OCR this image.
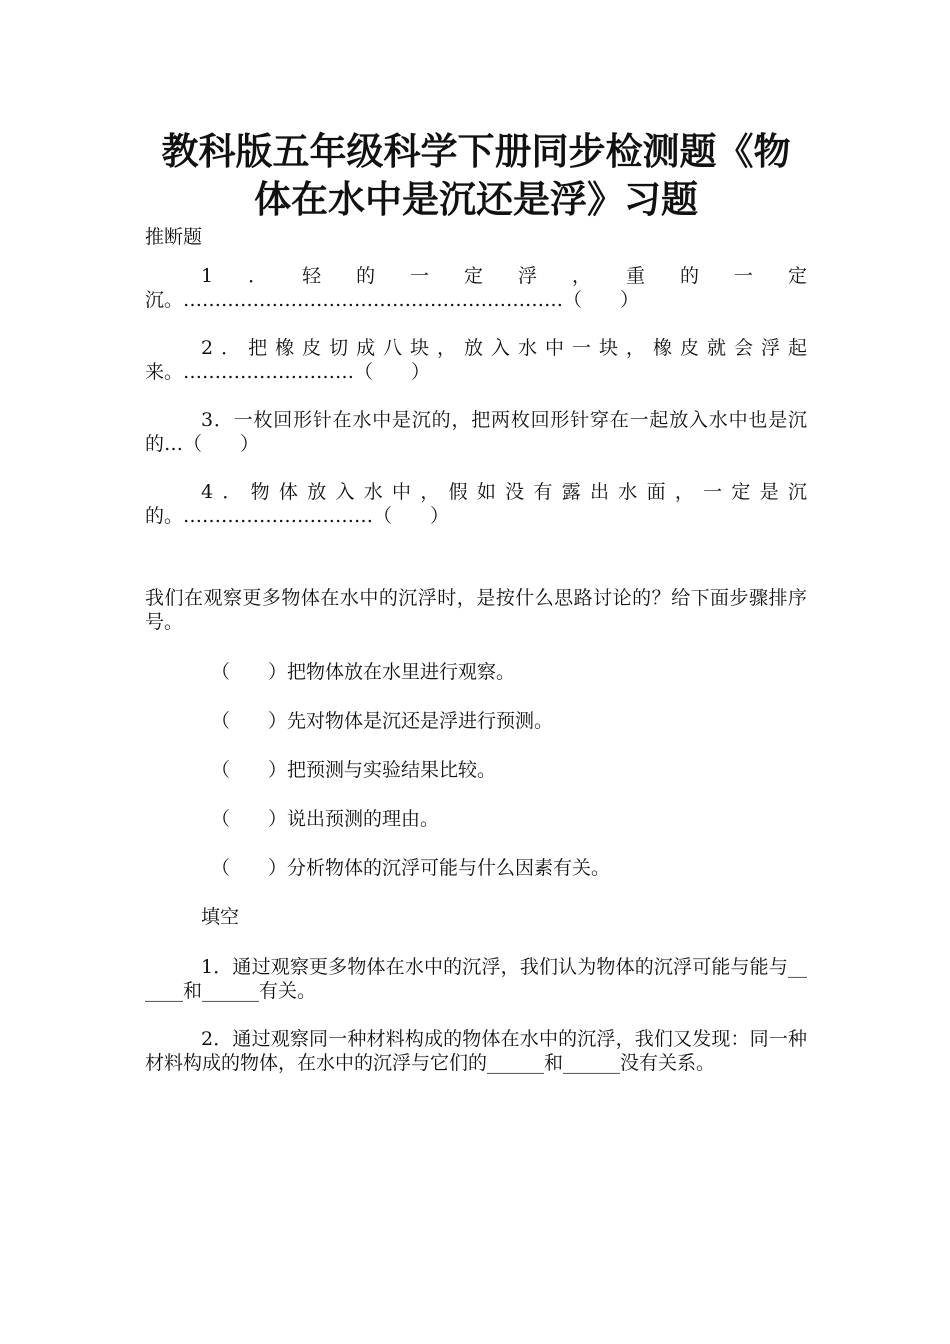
教科版五年级科学下册同步检测题《物体在水中是沉还是浮》习题
推断题

1．轻的一定浮，重的一定沉。……………………………………………………（　　）

2．把橡皮切成八块，放入水中一块，橡皮就会浮起来。………………………（　　）

3．一枚回形针在水中是沉的，把两枚回形针穿在一起放入水中也是沉的…（　　）

4．物体放入水中，假如没有露出水面，一定是沉的。…………………………（　　）

我们在观察更多物体在水中的沉浮时，是按什么思路讨论的？给下面步骤排序号。
（　　）把物体放在水里进行观察。
（　　）先对物体是沉还是浮进行预测。
（　　）把预测与实验结果比较。
（　　）说出预测的理由。
（　　）分析物体的沉浮可能与什么因素有关。
填空

1．通过观察更多物体在水中的沉浮，我们认为物体的沉浮可能与能与______和______有关。

2．通过观察同一种材料构成的物体在水中的沉浮，我们又发现：同一种材料构成的物体，在水中的沉浮与它们的______和______没有关系。
